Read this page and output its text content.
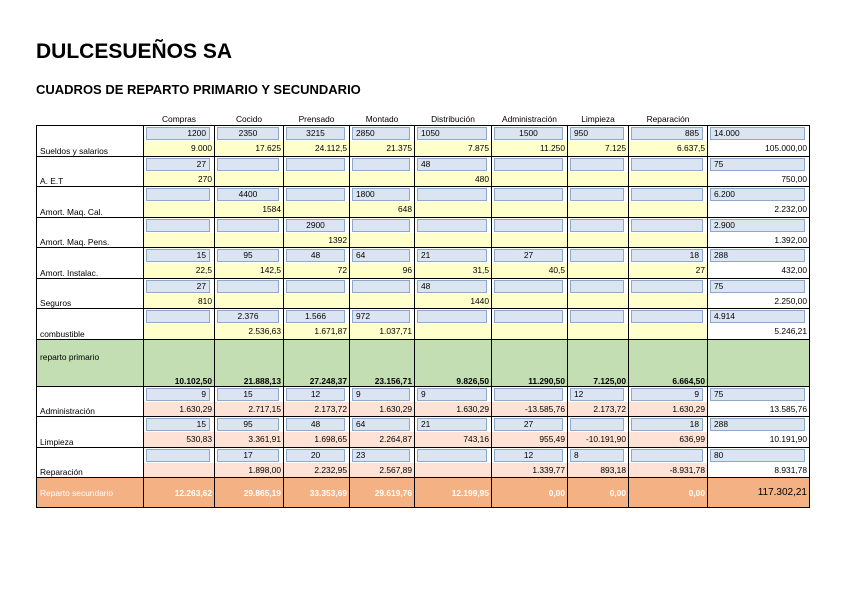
DULCESUEÑOS SA
CUADROS DE REPARTO PRIMARIO Y SECUNDARIO
	Compras	Cocido	Prensado	Montado	Distribución	Administración	Limpieza	Reparación	
Sueldos y salarios	1200	2350	3215	2850	1050	1500	950	885	14.000

	9.000	17.625	24.112,5	21.375	7.875	11.250	7.125	6.637,5	105.000,00
A. E.T	27				48				75

	270				480				750,00
Amort. Maq. Cal.		4400		1800					6.200

		1584		648					2.232,00
Amort. Maq. Pens.			2900						2.900

			1392						1.392,00
Amort. Instalac.	15	95	48	64	21	27		18	288

	22,5	142,5	72	96	31,5	40,5		27	432,00
Seguros	27				48				75

	810				1440				2.250,00
combustible		2.376	1.566	972					4.914

		2.536,63	1.671,87	1.037,71					5.246,21
reparto primario	10.102,50	21.888,13	27.248,37	23.156,71	9.826,50	11.290,50	7.125,00	6.664,50	
Administración	9	15	12	9	9		12	9	75

	1.630,29	2.717,15	2.173,72	1.630,29	1.630,29	-13.585,76	2.173,72	1.630,29	13.585,76
Limpieza	15	95	48	64	21	27		18	288

	530,83	3.361,91	1.698,65	2.264,87	743,16	955,49	-10.191,90	636,99	10.191,90
Reparación		17	20	23		12	8		80

		1.898,00	2.232,95	2.567,89		1.339,77	893,18	-8.931,78	8.931,78
Reparto secundario	12.263,62	29.865,19	33.353,69	29.619,76	12.199,95	0,00	0,00	0,00	117.302,21
